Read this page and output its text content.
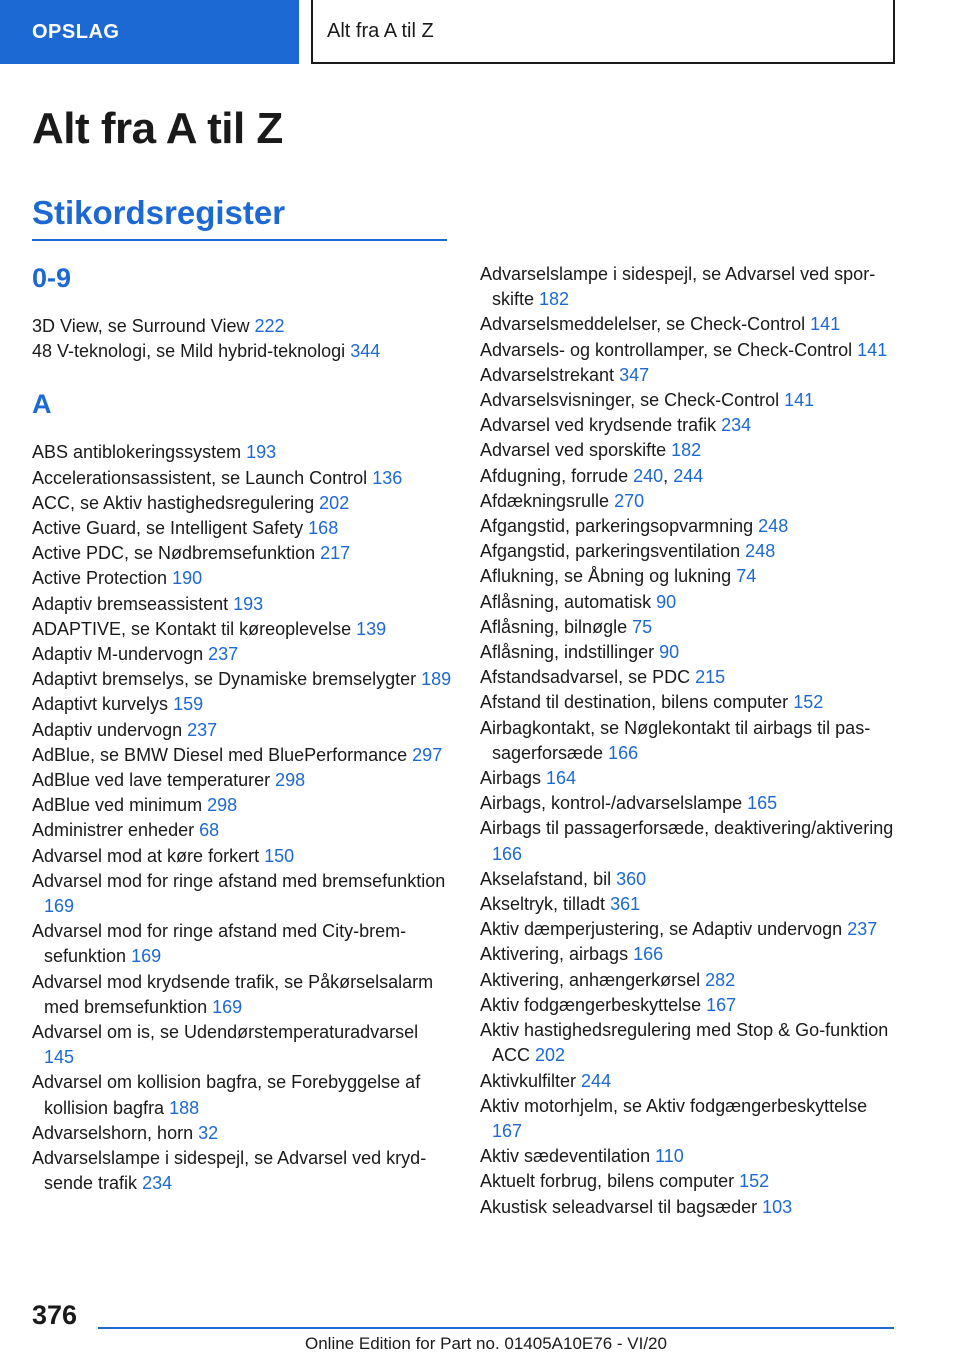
OPSLAG	Alt fra A til Z
Alt fra A til Z
Stikordsregister
0-9

3D View, se Surround View 222

48 V-teknologi, se Mild hybrid-teknologi 344

A

ABS antiblokeringssystem 193

Accelerationsassistent, se Launch Control 136

ACC, se Aktiv hastighedsregulering 202

Active Guard, se Intelligent Safety 168

Active PDC, se Nødbremsefunktion 217

Active Protection 190

Adaptiv bremseassistent 193

ADAPTIVE, se Kontakt til køreoplevelse 139

Adaptiv M-undervogn 237

Adaptivt bremselys, se Dynamiske bremselygter 189

Adaptivt kurvelys 159

Adaptiv undervogn 237

AdBlue, se BMW Diesel med BluePerformance 297

AdBlue ved lave temperaturer 298

AdBlue ved minimum 298

Administrer enheder 68

Advarsel mod at køre forkert 150

Advarsel mod for ringe afstand med bremsefunktion 169

Advarsel mod for ringe afstand med City-bremsefunktion 169

Advarsel mod krydsende trafik, se Påkørselsalarm med bremsefunktion 169

Advarsel om is, se Udendørstemperaturadvarsel 145

Advarsel om kollision bagfra, se Forebyggelse af kollision bagfra 188

Advarselshorn, horn 32

Advarselslampe i sidespejl, se Advarsel ved krydsende trafik 234

Advarselslampe i sidespejl, se Advarsel ved sporskifte 182

Advarselsmeddelelser, se Check-Control 141

Advarsels- og kontrollamper, se Check-Control 141

Advarselstrekant 347

Advarselsvisninger, se Check-Control 141

Advarsel ved krydsende trafik 234

Advarsel ved sporskifte 182

Afdugning, forrude 240, 244

Afdækningsrulle 270

Afgangstid, parkeringsopvarmning 248

Afgangstid, parkeringsventilation 248

Aflukning, se Åbning og lukning 74

Aflåsning, automatisk 90

Aflåsning, bilnøgle 75

Aflåsning, indstillinger 90

Afstandsadvarsel, se PDC 215

Afstand til destination, bilens computer 152

Airbagkontakt, se Nøglekontakt til airbags til passagerforsæde 166

Airbags 164

Airbags, kontrol-/advarselslampe 165

Airbags til passagerforsæde, deaktivering/aktivering 166

Akselafstand, bil 360

Akseltryk, tilladt 361

Aktiv dæmperjustering, se Adaptiv undervogn 237

Aktivering, airbags 166

Aktivering, anhængerkørsel 282

Aktiv fodgængerbeskyttelse 167

Aktiv hastighedsregulering med Stop & Go-funktion ACC 202

Aktivkulfilter 244

Aktiv motorhjelm, se Aktiv fodgængerbeskyttelse 167

Aktiv sædeventilation 110

Aktuelt forbrug, bilens computer 152

Akustisk seleadvarsel til bagsæder 103

376
Online Edition for Part no. 01405A10E76 - VI/20
